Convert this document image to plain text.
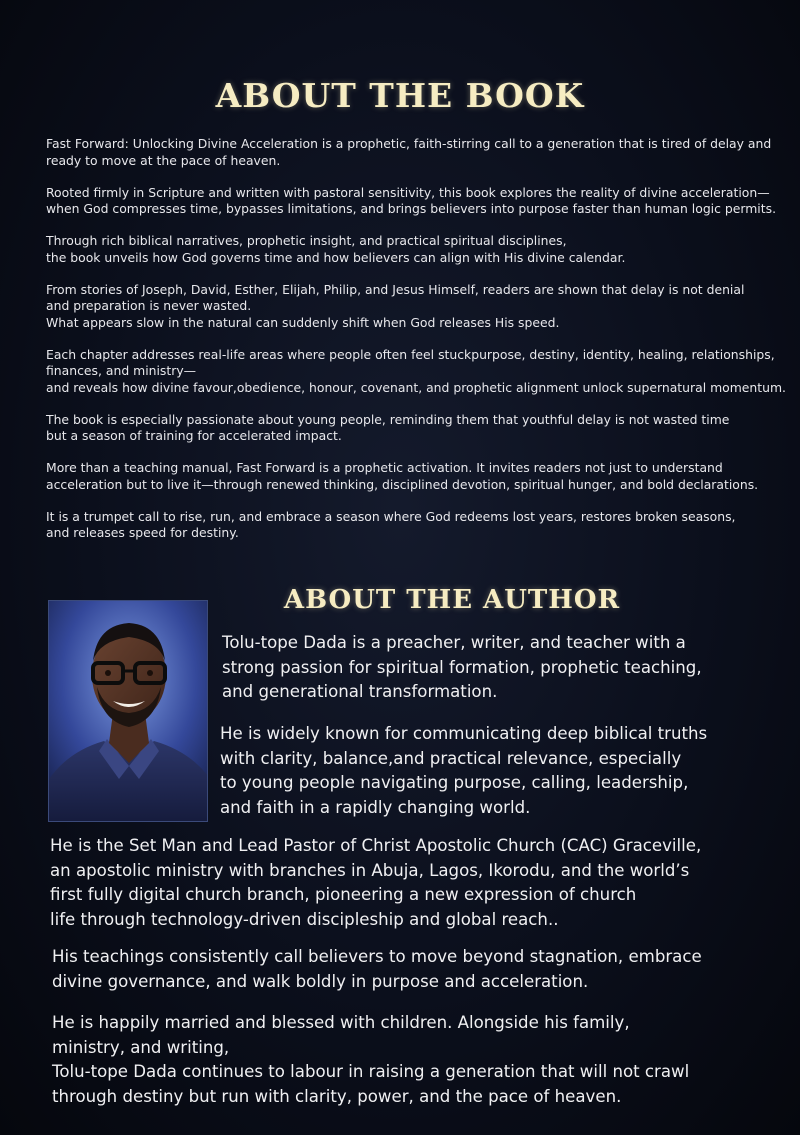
ABOUT THE BOOK

Fast Forward: Unlocking Divine Acceleration is a prophetic, faith-stirring call to a generation that is tired of delay and
ready to move at the pace of heaven.

Rooted firmly in Scripture and written with pastoral sensitivity, this book explores the reality of divine acceleration—
when God compresses time, bypasses limitations, and brings believers into purpose faster than human logic permits.

Through rich biblical narratives, prophetic insight, and practical spiritual disciplines,
the book unveils how God governs time and how believers can align with His divine calendar.

From stories of Joseph, David, Esther, Elijah, Philip, and Jesus Himself, readers are shown that delay is not denial
and preparation is never wasted.
What appears slow in the natural can suddenly shift when God releases His speed.

Each chapter addresses real-life areas where people often feel stuckpurpose, destiny, identity, healing, relationships,
finances, and ministry—
and reveals how divine favour,obedience, honour, covenant, and prophetic alignment unlock supernatural momentum.

The book is especially passionate about young people, reminding them that youthful delay is not wasted time
but a season of training for accelerated impact.

More than a teaching manual, Fast Forward is a prophetic activation. It invites readers not just to understand
acceleration but to live it—through renewed thinking, disciplined devotion, spiritual hunger, and bold declarations.

It is a trumpet call to rise, run, and embrace a season where God redeems lost years, restores broken seasons,
and releases speed for destiny.

ABOUT THE AUTHOR
Tolu-tope Dada is a preacher, writer, and teacher with a
strong passion for spiritual formation, prophetic teaching,
and generational transformation.
He is widely known for communicating deep biblical truths
with clarity, balance,and practical relevance, especially
to young people navigating purpose, calling, leadership,
and faith in a rapidly changing world.
He is the Set Man and Lead Pastor of Christ Apostolic Church (CAC) Graceville,
an apostolic ministry with branches in Abuja, Lagos, Ikorodu, and the world’s
first fully digital church branch, pioneering a new expression of church
life through technology-driven discipleship and global reach..
His teachings consistently call believers to move beyond stagnation, embrace
divine governance, and walk boldly in purpose and acceleration.
He is happily married and blessed with children. Alongside his family,
ministry, and writing,
Tolu-tope Dada continues to labour in raising a generation that will not crawl
through destiny but run with clarity, power, and the pace of heaven.
